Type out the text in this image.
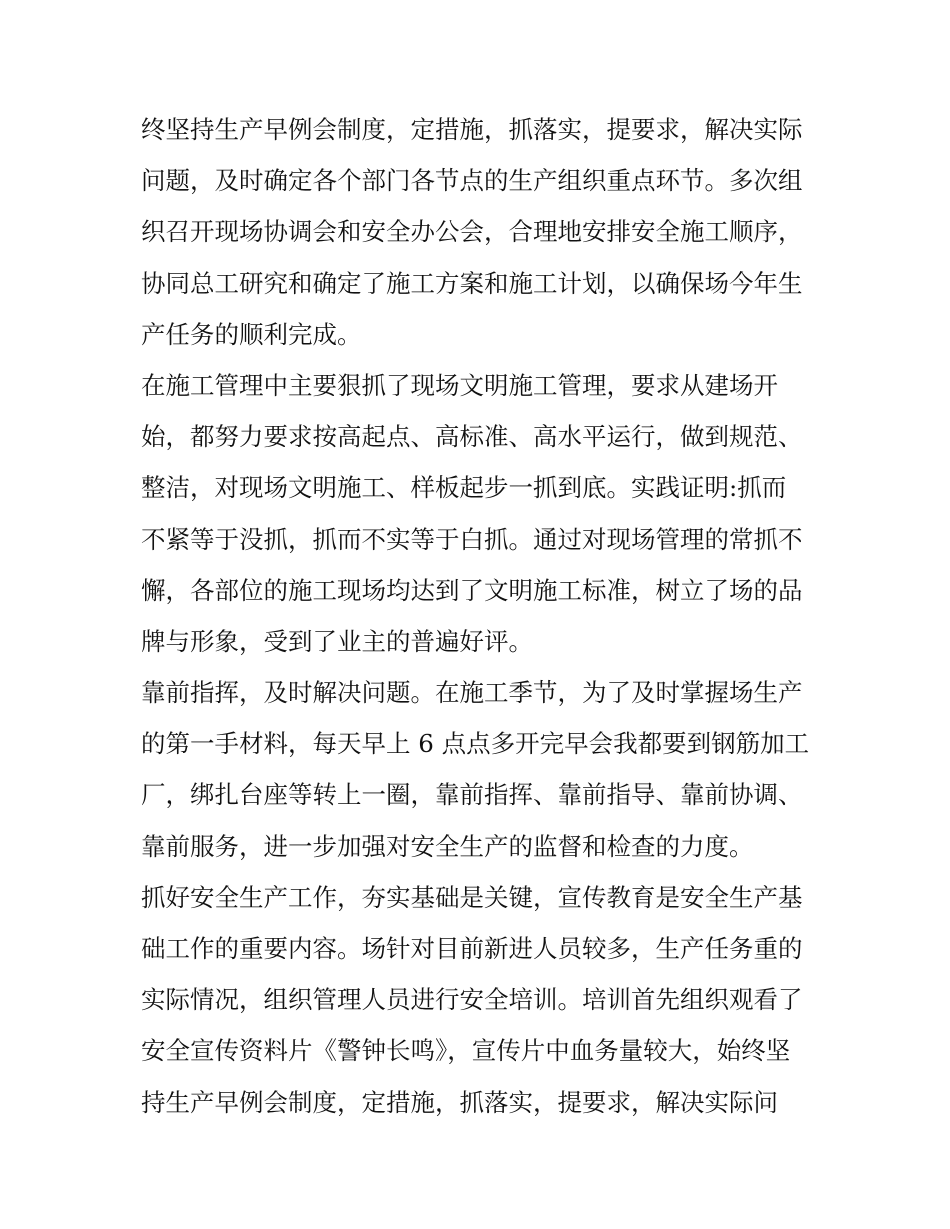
终坚持生产早例会制度，定措施，抓落实，提要求，解决实际
问题，及时确定各个部门各节点的生产组织重点环节。多次组
织召开现场协调会和安全办公会，合理地安排安全施工顺序，
协同总工研究和确定了施工方案和施工计划，以确保场今年生
产任务的顺利完成。
在施工管理中主要狠抓了现场文明施工管理，要求从建场开
始，都努力要求按高起点、高标准、高水平运行，做到规范、
整洁，对现场文明施工、样板起步一抓到底。实践证明:抓而
不紧等于没抓，抓而不实等于白抓。通过对现场管理的常抓不
懈，各部位的施工现场均达到了文明施工标准，树立了场的品
牌与形象，受到了业主的普遍好评。
靠前指挥，及时解决问题。在施工季节，为了及时掌握场生产
的第一手材料，每天早上 6 点点多开完早会我都要到钢筋加工
厂，绑扎台座等转上一圈，靠前指挥、靠前指导、靠前协调、
靠前服务，进一步加强对安全生产的监督和检查的力度。
抓好安全生产工作，夯实基础是关键，宣传教育是安全生产基
础工作的重要内容。场针对目前新进人员较多，生产任务重的
实际情况，组织管理人员进行安全培训。培训首先组织观看了
安全宣传资料片《警钟长鸣》，宣传片中血务量较大，始终坚
持生产早例会制度，定措施，抓落实，提要求，解决实际问
